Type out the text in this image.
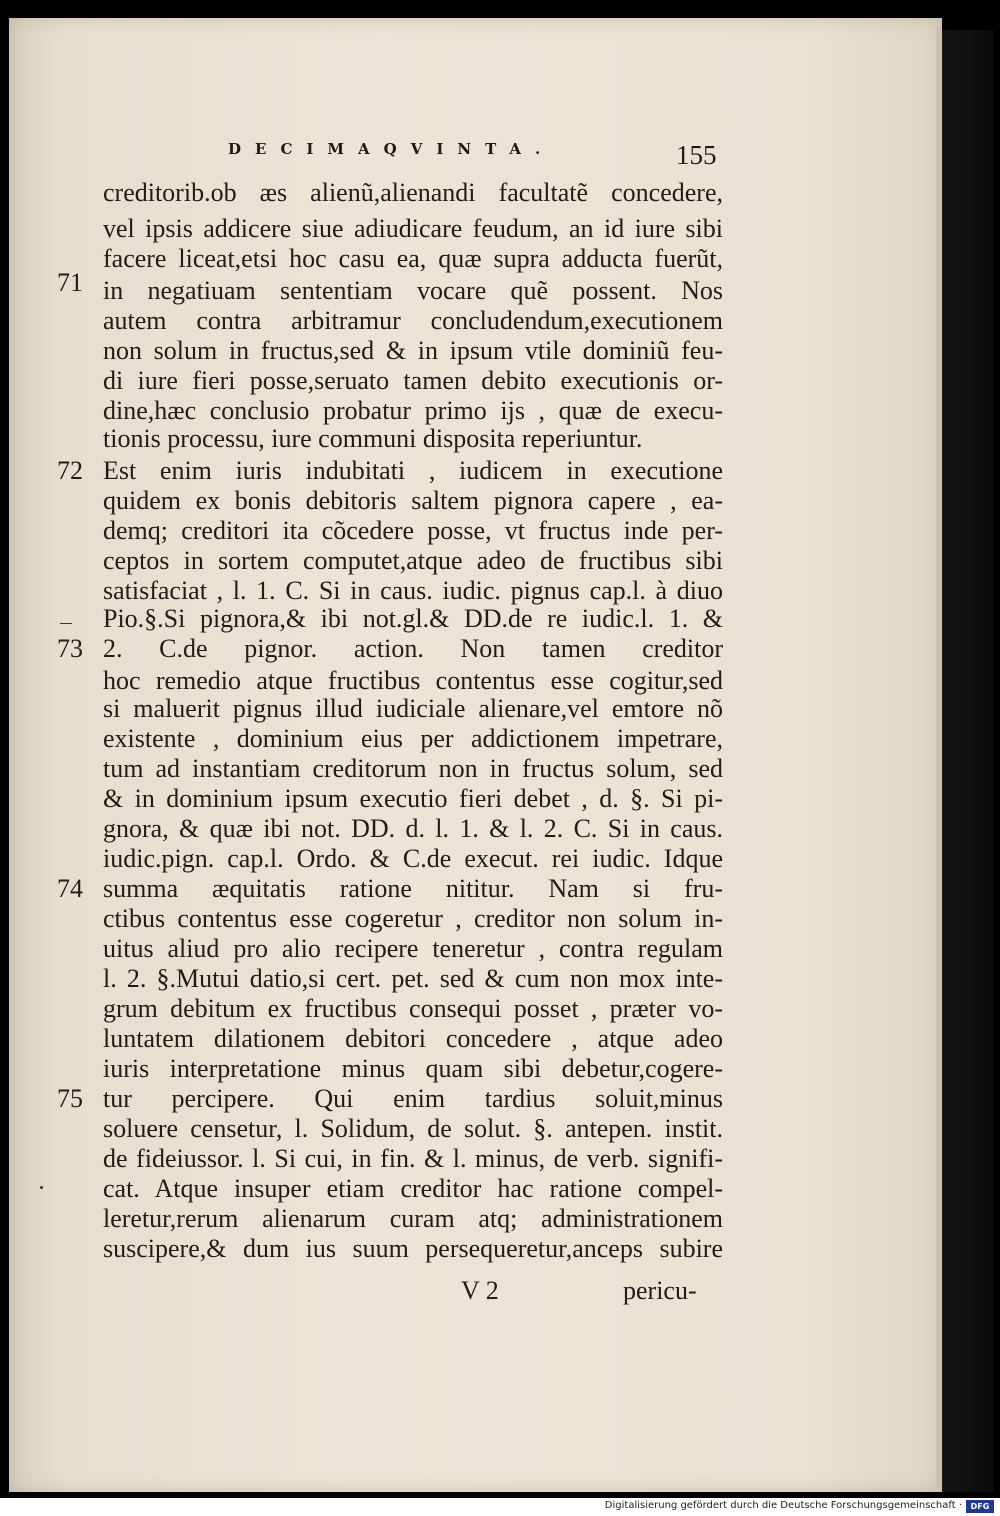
DECIMAQVINTA.	155
creditorib.ob æs alienũ,alienandi facultatẽ concedere,
vel ipsis addicere siue adiudicare feudum, an id iure sibi
facere liceat,etsi hoc casu ea, quæ supra adducta fuerũt,
in negatiuam sententiam vocare quẽ possent. Nos
autem contra arbitramur concludendum,executionem
non solum in fructus,sed & in ipsum vtile dominiũ feu-
di iure fieri posse,seruato tamen debito executionis or-
dine,hæc conclusio probatur primo ijs , quæ de execu-
tionis processu, iure communi disposita reperiuntur.
Est enim iuris indubitati , iudicem in executione
quidem ex bonis debitoris saltem pignora capere , ea-
demq; creditori ita cõcedere posse, vt fructus inde per-
ceptos in sortem computet,atque adeo de fructibus sibi
satisfaciat , l. 1. C. Si in caus. iudic. pignus cap.l. à diuo
Pio.§.Si pignora,& ibi not.gl.& DD.de re iudic.l. 1. &
2. C.de pignor. action. Non tamen creditor
hoc remedio atque fructibus contentus esse cogitur,sed
si maluerit pignus illud iudiciale alienare,vel emtore nõ
existente , dominium eius per addictionem impetrare,
tum ad instantiam creditorum non in fructus solum, sed
& in dominium ipsum executio fieri debet , d. §. Si pi-
gnora, & quæ ibi not. DD. d. l. 1. & l. 2. C. Si in caus.
iudic.pign. cap.l. Ordo. & C.de execut. rei iudic. Idque
summa æquitatis ratione nititur. Nam si fru-
ctibus contentus esse cogeretur , creditor non solum in-
uitus aliud pro alio recipere teneretur , contra regulam
l. 2. §.Mutui datio,si cert. pet. sed & cum non mox inte-
grum debitum ex fructibus consequi posset , præter vo-
luntatem dilationem debitori concedere , atque adeo
iuris interpretatione minus quam sibi debetur,cogere-
tur percipere. Qui enim tardius soluit,minus
soluere censetur, l. Solidum, de solut. §. antepen. instit.
de fideiussor. l. Si cui, in fin. & l. minus, de verb. signifi-
cat. Atque insuper etiam creditor hac ratione compel-
leretur,rerum alienarum curam atq; administrationem
suscipere,& dum ius suum persequeretur,anceps subire
71
72
73
74
75
V 2	pericu-
Digitalisierung gefördert durch die Deutsche Forschungsgemeinschaft ·	DFG
